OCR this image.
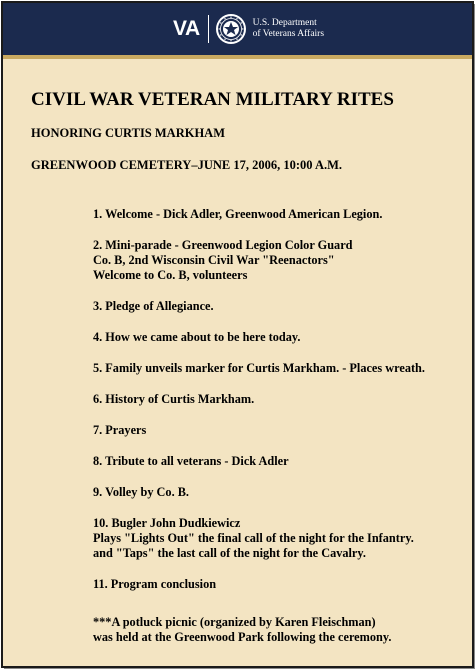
VA	U.S. Department
of Veterans Affairs
CIVIL WAR VETERAN MILITARY RITES
HONORING CURTIS MARKHAM
GREENWOOD CEMETERY–JUNE 17, 2006, 10:00 A.M.
1. Welcome - Dick Adler, Greenwood American Legion.
2. Mini-parade - Greenwood Legion Color Guard
Co. B, 2nd Wisconsin Civil War "Reenactors"
Welcome to Co. B, volunteers
3. Pledge of Allegiance.
4. How we came about to be here today.
5. Family unveils marker for Curtis Markham. - Places wreath.
6. History of Curtis Markham.
7. Prayers
8. Tribute to all veterans - Dick Adler
9. Volley by Co. B.
10. Bugler John Dudkiewicz
Plays "Lights Out" the final call of the night for the Infantry.
and "Taps" the last call of the night for the Cavalry.
11. Program conclusion

***A potluck picnic (organized by Karen Fleischman)
was held at the Greenwood Park following the ceremony.
